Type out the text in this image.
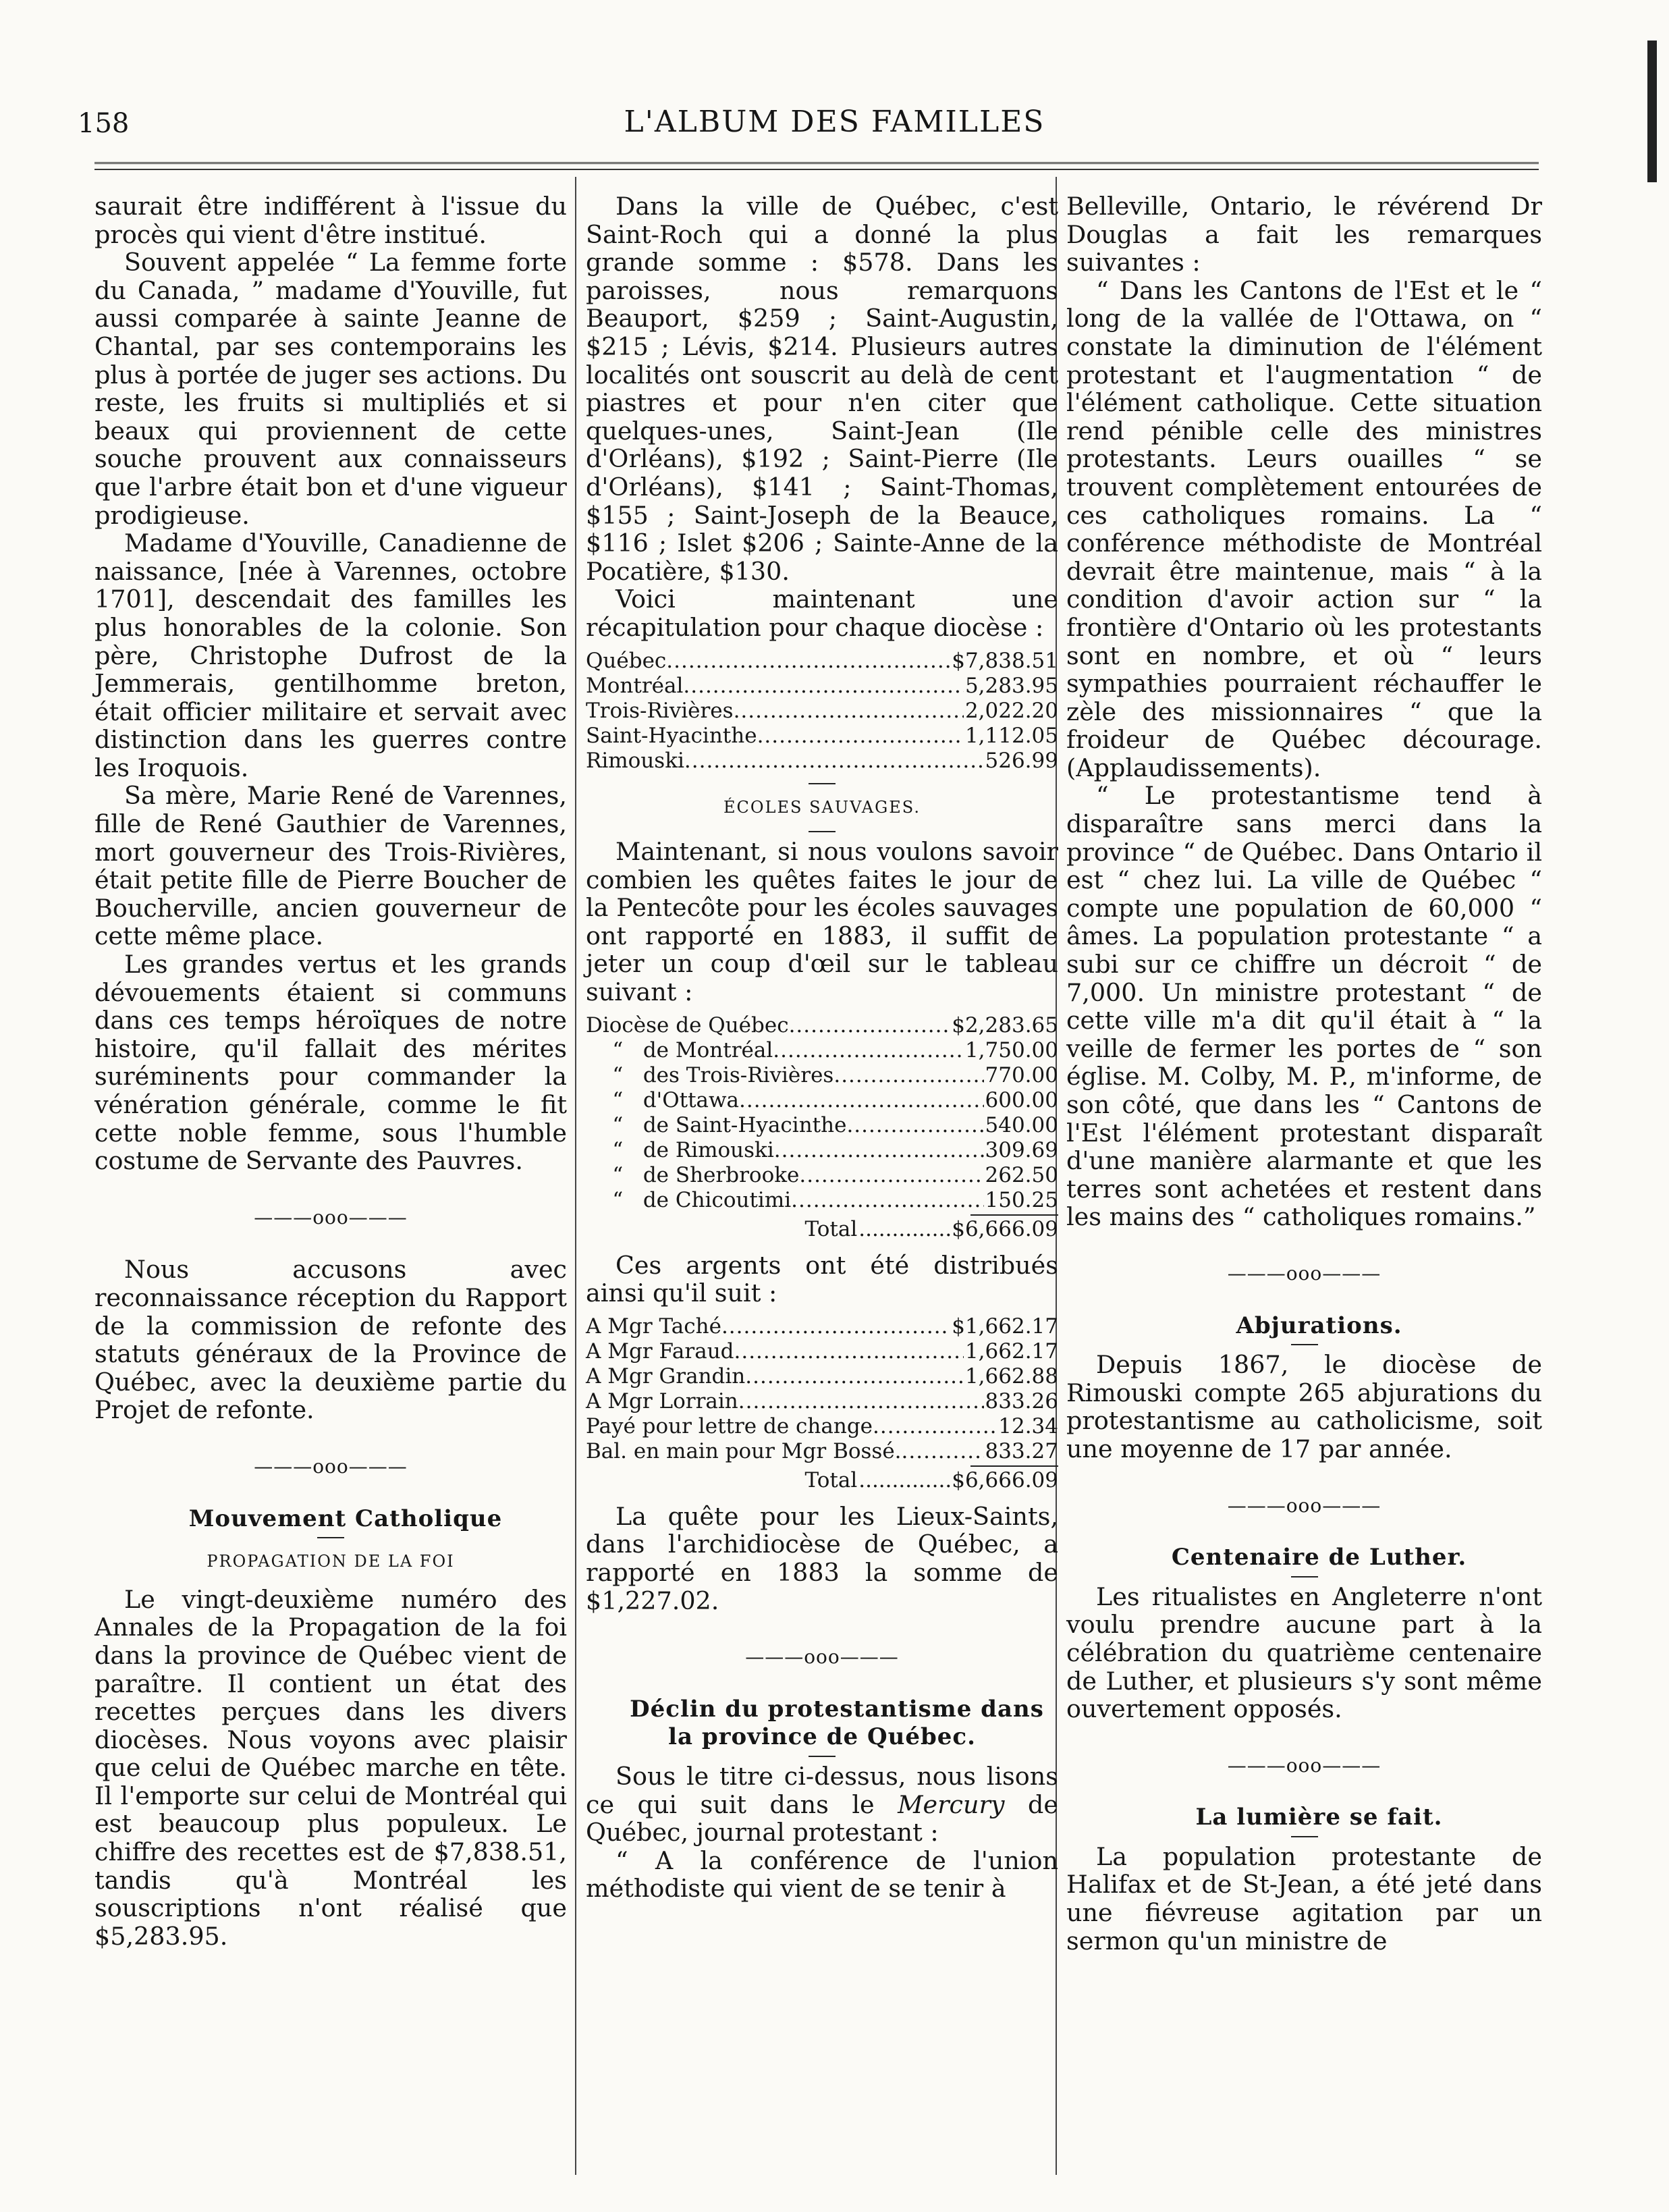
158	L'ALBUM DES FAMILLES

saurait être indifférent à l'issue du procès qui vient d'être institué.

Souvent appelée “ La femme forte du Canada, ” madame d'Youville, fut aussi comparée à sainte Jeanne de Chantal, par ses contemporains les plus à portée de juger ses actions. Du reste, les fruits si multipliés et si beaux qui proviennent de cette souche prouvent aux connaisseurs que l'arbre était bon et d'une vigueur prodigieuse.

Madame d'Youville, Canadienne de naissance, [née à Varennes, octobre 1701], descendait des familles les plus honorables de la colonie. Son père, Christophe Dufrost de la Jemmerais, gentilhomme breton, était officier militaire et servait avec distinction dans les guerres contre les Iroquois.

Sa mère, Marie René de Varennes, fille de René Gauthier de Varennes, mort gouverneur des Trois-Rivières, était petite fille de Pierre Boucher de Boucherville, ancien gouverneur de cette même place.

Les grandes vertus et les grands dévouements étaient si communs dans ces temps héroïques de notre histoire, qu'il fallait des mérites suréminents pour commander la vénération générale, comme le fit cette noble femme, sous l'humble costume de Servante des Pauvres.

———ooo———

Nous accusons avec reconnaissance réception du Rapport de la commission de refonte des statuts généraux de la Province de Québec, avec la deuxième partie du Projet de refonte.

———ooo———

Mouvement Catholique

PROPAGATION DE LA FOI

Le vingt-deuxième numéro des Annales de la Propagation de la foi dans la province de Québec vient de paraître. Il contient un état des recettes perçues dans les divers diocèses. Nous voyons avec plaisir que celui de Québec marche en tête. Il l'emporte sur celui de Montréal qui est beaucoup plus populeux. Le chiffre des recettes est de $7,838.51, tandis qu'à Montréal les souscriptions n'ont réalisé que $5,283.95.

Dans la ville de Québec, c'est Saint-Roch qui a donné la plus grande somme : $578. Dans les paroisses, nous remarquons Beauport, $259 ; Saint-Augustin, $215 ; Lévis, $214. Plusieurs autres localités ont souscrit au delà de cent piastres et pour n'en citer que quelques-unes, Saint-Jean (Ile d'Orléans), $192 ; Saint-Pierre (Ile d'Orléans), $141 ; Saint-Thomas, $155 ; Saint-Joseph de la Beauce, $116 ; Islet $206 ; Sainte-Anne de la Pocatière, $130.

Voici maintenant une récapitulation pour chaque diocèse :

Québec .....	$7,838.51
Montréal .....	5,283.95
Trois-Rivières .....	2,022.20
Saint-Hyacinthe .....	1,112.05
Rimouski .....	526.99
ÉCOLES SAUVAGES.

Maintenant, si nous voulons savoir combien les quêtes faites le jour de la Pentecôte pour les écoles sauvages ont rapporté en 1883, il suffit de jeter un coup d'œil sur le tableau suivant :

Diocèse de Québec .....	$2,283.65
“   de Montréal .....	1,750.00
“   des Trois-Rivières .....	770.00
“   d'Ottawa .....	600.00
“   de Saint-Hyacinthe .....	540.00
“   de Rimouski .....	309.69
“   de Sherbrooke .....	262.50
“   de Chicoutimi .....	150.25
Total .............. $6,666.09

Ces argents ont été distribués ainsi qu'il suit :

A Mgr Taché .....	$1,662.17
A Mgr Faraud .....	1,662.17
A Mgr Grandin .....	1,662.88
A Mgr Lorrain .....	833.26
Payé pour lettre de change .....	12.34
Bal. en main pour Mgr Bossé. .....	833.27
Total .............. $6,666.09

La quête pour les Lieux-Saints, dans l'archidiocèse de Québec, a rapporté en 1883 la somme de $1,227.02.

———ooo———

Déclin du protestantisme dans la province de Québec.

Sous le titre ci-dessus, nous lisons ce qui suit dans le Mercury de Québec, journal protestant :

“ A la conférence de l'union méthodiste qui vient de se tenir à

Belleville, Ontario, le révérend Dr Douglas a fait les remarques suivantes :

“ Dans les Cantons de l'Est et le “ long de la vallée de l'Ottawa, on “ constate la diminution de l'élément protestant et l'augmentation “ de l'élément catholique. Cette situation rend pénible celle des ministres protestants. Leurs ouailles “ se trouvent complètement entourées de ces catholiques romains. La “ conférence méthodiste de Montréal devrait être maintenue, mais “ à la condition d'avoir action sur “ la frontière d'Ontario où les protestants sont en nombre, et où “ leurs sympathies pourraient réchauffer le zèle des missionnaires “ que la froideur de Québec décourage. (Applaudissements).

“ Le protestantisme tend à disparaître sans merci dans la province “ de Québec. Dans Ontario il est “ chez lui. La ville de Québec “ compte une population de 60,000 “ âmes. La population protestante “ a subi sur ce chiffre un décroit “ de 7,000. Un ministre protestant “ de cette ville m'a dit qu'il était à “ la veille de fermer les portes de “ son église. M. Colby, M. P., m'informe, de son côté, que dans les “ Cantons de l'Est l'élément protestant disparaît d'une manière alarmante et que les terres sont achetées et restent dans les mains des “ catholiques romains.”

———ooo———

Abjurations.

Depuis 1867, le diocèse de Rimouski compte 265 abjurations du protestantisme au catholicisme, soit une moyenne de 17 par année.

———ooo———

Centenaire de Luther.

Les ritualistes en Angleterre n'ont voulu prendre aucune part à la célébration du quatrième centenaire de Luther, et plusieurs s'y sont même ouvertement opposés.

———ooo———

La lumière se fait.

La population protestante de Halifax et de St-Jean, a été jeté dans une fiévreuse agitation par un sermon qu'un ministre de
